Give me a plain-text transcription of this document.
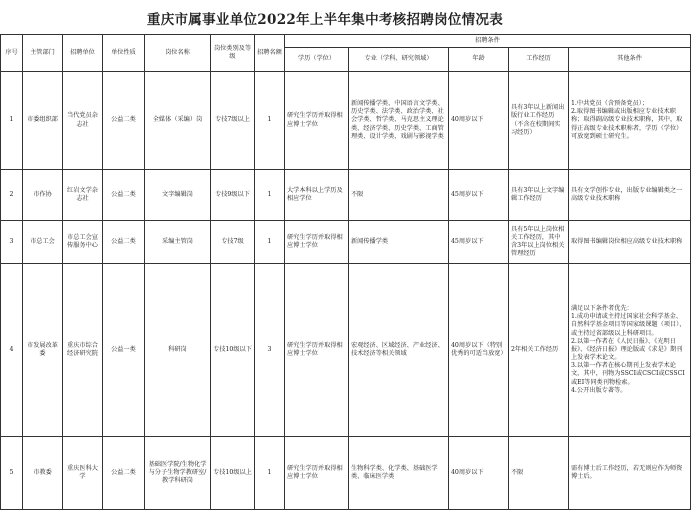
重庆市属事业单位2022年上半年集中考核招聘岗位情况表
序号	主管部门	招聘单位	单位性质	岗位名称	岗位类别及等级	招聘名额	招聘条件				
							学历（学位）	专业（学科、研究领域）	年龄	工作经历	其他条件
1	市委组织部	当代党员杂志社	公益二类	全媒体（采编）岗	专技7级以上	1	研究生学历并取得相应博士学位	新闻传播学类、中国语言文学类、历史学类、法学类、政治学类、社会学类、哲学类、马克思主义理论类、经济学类、历史学类、工商管理类、设计学类、戏剧与影视学类	40周岁以下	具有3年以上新闻出版行业工作经历（不含在校期间实习经历）	1.中共党员（含预备党员）；
2.取得图书编辑或出版相应专业技术职称；取得副高级专业技术职称，其中，取得正高级专业技术职称者，学历（学位）可放宽到硕士研究生。
2	市作协	红岩文学杂志社	公益二类	文字编辑岗	专技9级以下	1	大学本科以上学历及相应学位	不限	45周岁以下	具有3年以上文字编辑工作经历	具有文学创作专业，出版专业编辑类之一高级专业技术职称
3	市总工会	市总工会宣传服务中心	公益二类	采编主管岗	专技7级	1	研究生学历并取得相应博士学位	新闻传播学类	45周岁以下	具有5年以上岗位相关工作经历，其中含3年以上岗位相关管理经历	取得图书编辑岗位相应高级专业技术职称
4	市发展改革委	重庆市综合经济研究院	公益一类	科研岗	专技10级以下	3	研究生学历并取得相应博士学位	宏观经济、区域经济、产业经济、技术经济等相关领域	40周岁以下（特别优秀的可适当放宽）	2年相关工作经历	满足以下条件者优先：
1.成功申请或主持过国家社会科学基金、自然科学基金项目等国家级课题（项目），或主持过省部级以上科研项目。
2.以第一作者在《人民日报》、《光明日报》、《经济日报》理论版或《求是》期刊上发表学术论文。
3.以第一作者在核心期刊上发表学术论文，其中，刊物为SSCI或CSCI或CSSCI或EI等同类刊物检索。
4.公开出版专著等。
5	市教委	重庆医科大学	公益二类	基础医学院/生物化学与分子生物学教研室/教学科研岗	专技10级以上	1	研究生学历并取得相应博士学位	生物科学类、化学类、基础医学类、临床医学类	40周岁以下	不限	需有博士后工作经历，若无则应作为师资博士后。
